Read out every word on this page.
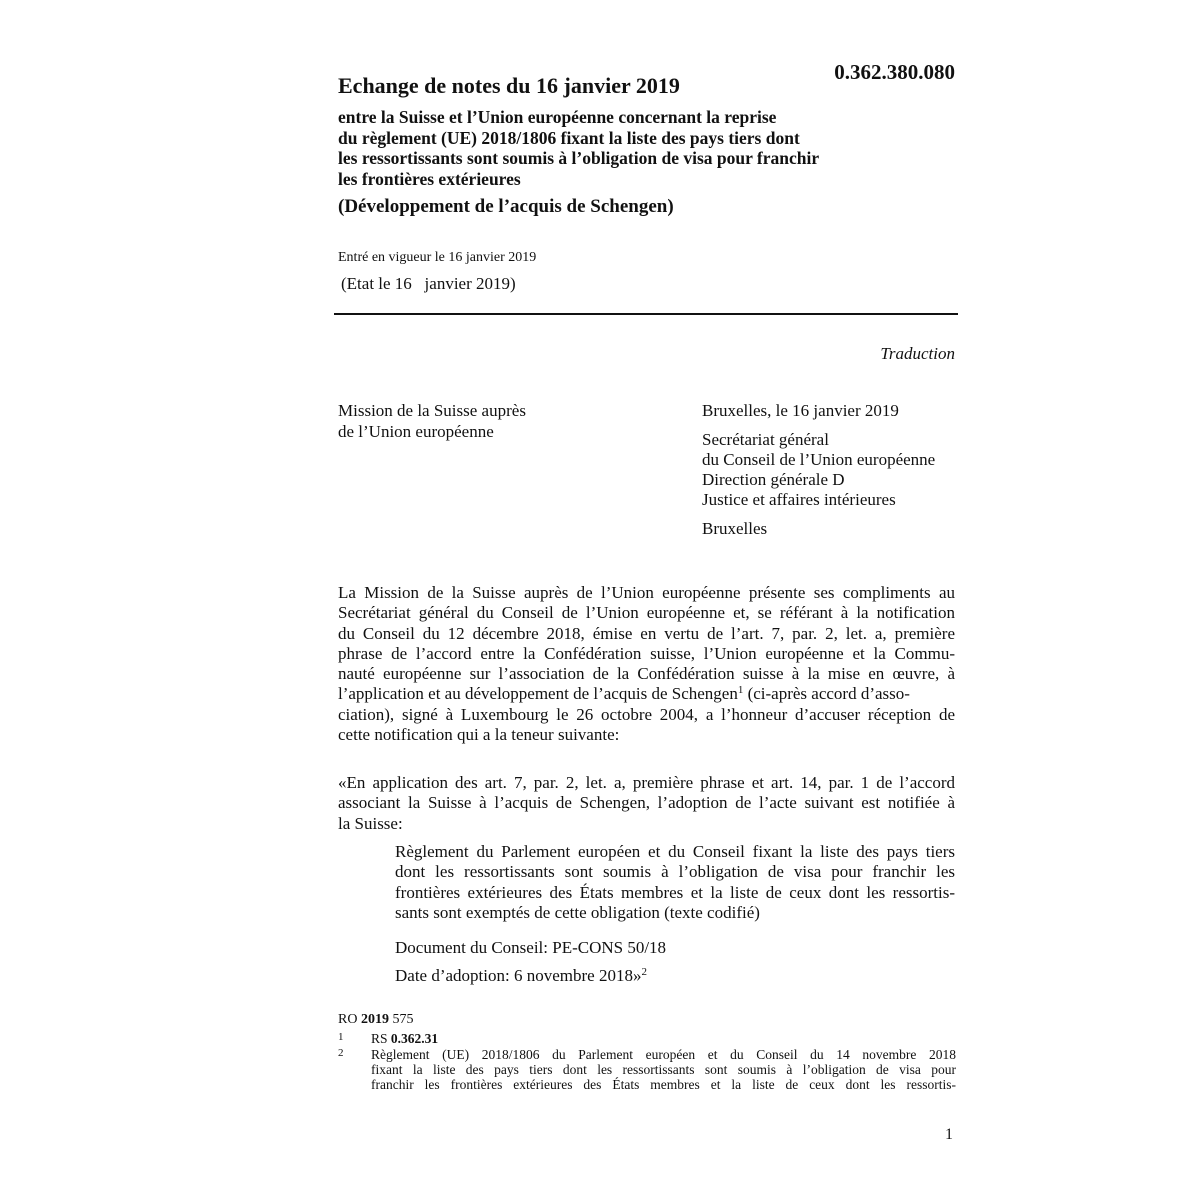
0.362.380.080
Echange de notes du 16 janvier 2019
entre la Suisse et l’Union européenne concernant la reprise
du règlement (UE) 2018/1806 fixant la liste des pays tiers dont
les ressortissants sont soumis à l’obligation de visa pour franchir
les frontières extérieures
(Développement de l’acquis de Schengen)
Entré en vigueur le 16 janvier 2019
(Etat le 16   janvier 2019)
Traduction
Mission de la Suisse auprès
de l’Union européenne
Bruxelles, le 16 janvier 2019
Secrétariat général
du Conseil de l’Union européenne
Direction générale D
Justice et affaires intérieures
Bruxelles
La Mission de la Suisse auprès de l’Union européenne présente ses compliments au
Secrétariat général du Conseil de l’Union européenne et, se référant à la notification
du Conseil du 12 décembre 2018, émise en vertu de l’art. 7, par. 2, let. a, première
phrase de l’accord entre la Confédération suisse, l’Union européenne et la Commu-
nauté européenne sur l’association de la Confédération suisse à la mise en œuvre, à
l’application et au développement de l’acquis de Schengen$^1$ (ci-après accord d’asso-
ciation), signé à Luxembourg le 26 octobre 2004, a l’honneur d’accuser réception de
cette notification qui a la teneur suivante:
«En application des art. 7, par. 2, let. a, première phrase et art. 14, par. 1 de l’accord
associant la Suisse à l’acquis de Schengen, l’adoption de l’acte suivant est notifiée à
la Suisse:
Règlement du Parlement européen et du Conseil fixant la liste des pays tiers
dont les ressortissants sont soumis à l’obligation de visa pour franchir les
frontières extérieures des États membres et la liste de ceux dont les ressortis-
sants sont exemptés de cette obligation (texte codifié)
Document du Conseil: PE-CONS 50/18
Date d’adoption: 6 novembre 2018»$^2$
RO 2019 575
1 RS 0.362.31
2 Règlement (UE) 2018/1806 du Parlement européen et du Conseil du 14 novembre 2018
fixant la liste des pays tiers dont les ressortissants sont soumis à l’obligation de visa pour
franchir les frontières extérieures des États membres et la liste de ceux dont les ressortis-
1
